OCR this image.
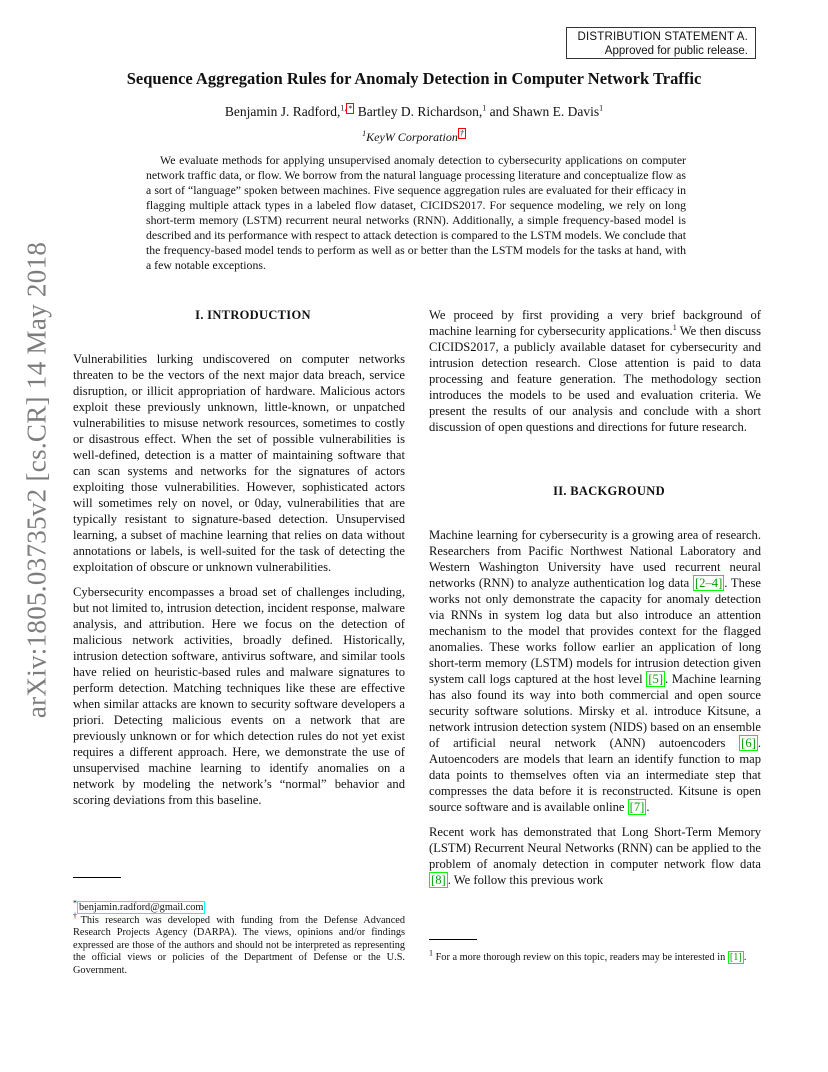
arXiv:1805.03735v2 [cs.CR] 14 May 2018
DISTRIBUTION STATEMENT A.
Approved for public release.
Sequence Aggregation Rules for Anomaly Detection in Computer Network Traffic
Benjamin J. Radford,$^{1,}$ * Bartley D. Richardson,$^1$ and Shawn E. Davis$^1$
$^1$KeyW Corporation †
We evaluate methods for applying unsupervised anomaly detection to cybersecurity applications on computer network traffic data, or flow. We borrow from the natural language processing literature and conceptualize flow as a sort of “language” spoken between machines. Five sequence aggregation rules are evaluated for their efficacy in flagging multiple attack types in a labeled flow dataset, CICIDS2017. For sequence modeling, we rely on long short-term memory (LSTM) recurrent neural networks (RNN). Additionally, a simple frequency-based model is described and its performance with respect to attack detection is compared to the LSTM models. We conclude that the frequency-based model tends to perform as well as or better than the LSTM models for the tasks at hand, with a few notable exceptions.
I. INTRODUCTION

Vulnerabilities lurking undiscovered on computer networks threaten to be the vectors of the next major data breach, service disruption, or illicit appropriation of hardware. Malicious actors exploit these previously unknown, little-known, or unpatched vulnerabilities to misuse network resources, sometimes to costly or disastrous effect. When the set of possible vulnerabilities is well-defined, detection is a matter of maintaining software that can scan systems and networks for the signatures of actors exploiting those vulnerabilities. However, sophisticated actors will sometimes rely on novel, or 0day, vulnerabilities that are typically resistant to signature-based detection. Unsupervised learning, a subset of machine learning that relies on data without annotations or labels, is well-suited for the task of detecting the exploitation of obscure or unknown vulnerabilities.

Cybersecurity encompasses a broad set of challenges including, but not limited to, intrusion detection, incident response, malware analysis, and attribution. Here we focus on the detection of malicious network activities, broadly defined. Historically, intrusion detection software, antivirus software, and similar tools have relied on heuristic-based rules and malware signatures to perform detection. Matching techniques like these are effective when similar attacks are known to security software developers a priori. Detecting malicious events on a network that are previously unknown or for which detection rules do not yet exist requires a different approach. Here, we demonstrate the use of unsupervised machine learning to identify anomalies on a network by modeling the network’s “normal” behavior and scoring deviations from this baseline.

* benjamin.radford@gmail.com
†This research was developed with funding from the Defense Advanced Research Projects Agency (DARPA). The views, opinions and/or findings expressed are those of the authors and should not be interpreted as representing the official views or policies of the Department of Defense or the U.S. Government.

We proceed by first providing a very brief background of machine learning for cybersecurity applications.$^1$ We then discuss CICIDS2017, a publicly available dataset for cybersecurity and intrusion detection research. Close attention is paid to data processing and feature generation. The methodology section introduces the models to be used and evaluation criteria. We present the results of our analysis and conclude with a short discussion of open questions and directions for future research.

II. BACKGROUND

Machine learning for cybersecurity is a growing area of research. Researchers from Pacific Northwest National Laboratory and Western Washington University have used recurrent neural networks (RNN) to analyze authentication log data [2–4] . These works not only demonstrate the capacity for anomaly detection via RNNs in system log data but also introduce an attention mechanism to the model that provides context for the flagged anomalies. These works follow earlier an application of long short-term memory (LSTM) models for intrusion detection given system call logs captured at the host level [5] . Machine learning has also found its way into both commercial and open source security software solutions. Mirsky et al. introduce Kitsune, a network intrusion detection system (NIDS) based on an ensemble of artificial neural network (ANN) autoencoders [6] . Autoencoders are models that learn an identify function to map data points to themselves often via an intermediate step that compresses the data before it is reconstructed. Kitsune is open source software and is available online [7] .

Recent work has demonstrated that Long Short-Term Memory (LSTM) Recurrent Neural Networks (RNN) can be applied to the problem of anomaly detection in computer network flow data [8] . We follow this previous work

$^1$ For a more thorough review on this topic, readers may be interested in [1] .
